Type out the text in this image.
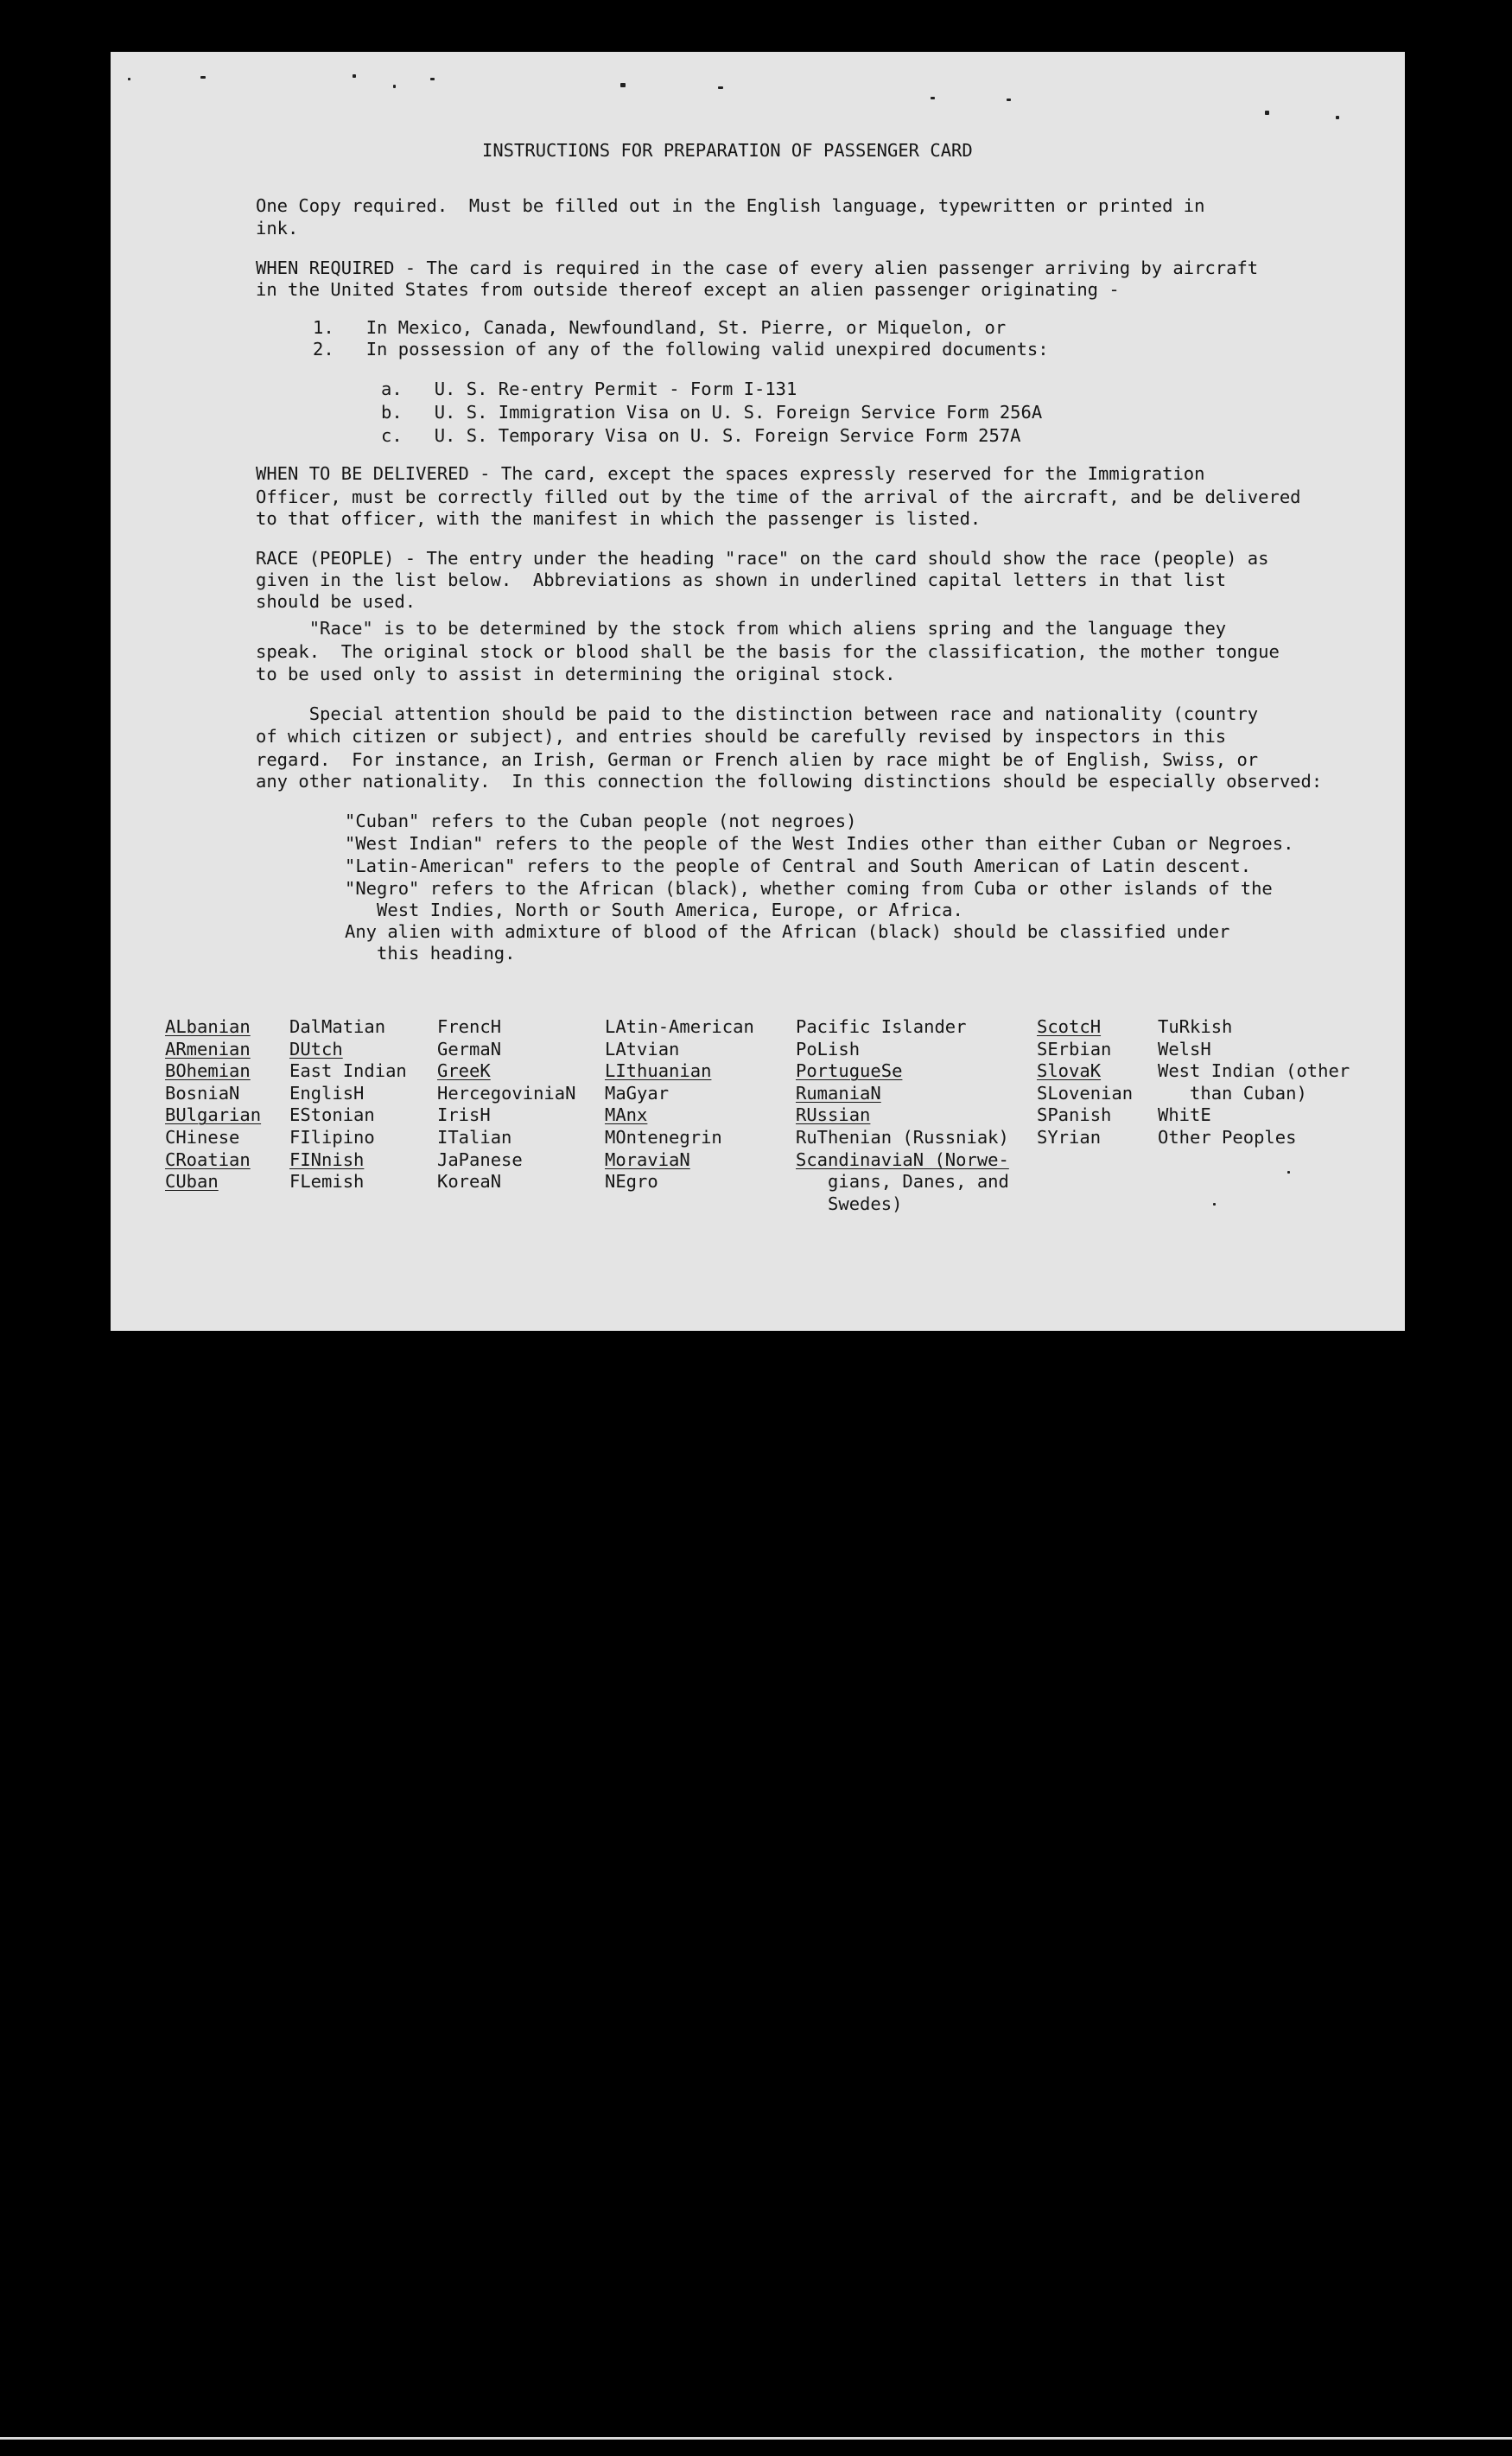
INSTRUCTIONS FOR PREPARATION OF PASSENGER CARD
One Copy required.  Must be filled out in the English language, typewritten or printed in
ink.
WHEN REQUIRED - The card is required in the case of every alien passenger arriving by aircraft
in the United States from outside thereof except an alien passenger originating -
1.   In Mexico, Canada, Newfoundland, St. Pierre, or Miquelon, or
2.   In possession of any of the following valid unexpired documents:
a.   U. S. Re-entry Permit - Form I-131
b.   U. S. Immigration Visa on U. S. Foreign Service Form 256A
c.   U. S. Temporary Visa on U. S. Foreign Service Form 257A
WHEN TO BE DELIVERED - The card, except the spaces expressly reserved for the Immigration
Officer, must be correctly filled out by the time of the arrival of the aircraft, and be delivered
to that officer, with the manifest in which the passenger is listed.
RACE (PEOPLE) - The entry under the heading "race" on the card should show the race (people) as
given in the list below.  Abbreviations as shown in underlined capital letters in that list
should be used.
"Race" is to be determined by the stock from which aliens spring and the language they
speak.  The original stock or blood shall be the basis for the classification, the mother tongue
to be used only to assist in determining the original stock.
Special attention should be paid to the distinction between race and nationality (country
of which citizen or subject), and entries should be carefully revised by inspectors in this
regard.  For instance, an Irish, German or French alien by race might be of English, Swiss, or
any other nationality.  In this connection the following distinctions should be especially observed:
"Cuban" refers to the Cuban people (not negroes)
"West Indian" refers to the people of the West Indies other than either Cuban or Negroes.
"Latin-American" refers to the people of Central and South American of Latin descent.
"Negro" refers to the African (black), whether coming from Cuba or other islands of the
West Indies, North or South America, Europe, or Africa.
Any alien with admixture of blood of the African (black) should be classified under
this heading.
ALbanian
ARmenian
BOhemian
BosniaN
BUlgarian
CHinese
CRoatian
CUban
DalMatian
DUtch
East Indian
EnglisH
EStonian
FIlipino
FINnish
FLemish
FrencH
GermaN
GreeK
HercegoviniaN
IrisH
ITalian
JaPanese
KoreaN
LAtin-American
LAtvian
LIthuanian
MaGyar
MAnx
MOntenegrin
MoraviaN
NEgro
Pacific Islander
PoLish
PortugueSe
RumaniaN
RUssian
RuThenian (Russniak)
ScandinaviaN (Norwe-
gians, Danes, and
Swedes)
ScotcH
SErbian
SlovaK
SLovenian
SPanish
SYrian
TuRkish
WelsH
West Indian (other
than Cuban)
WhitE
Other Peoples
